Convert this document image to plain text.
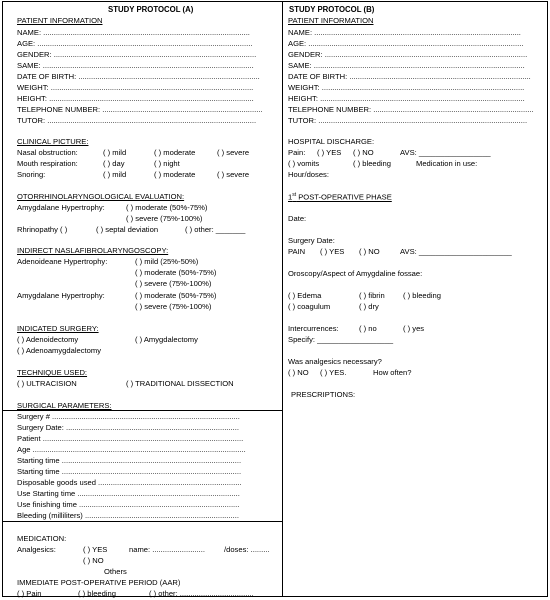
STUDY PROTOCOL (A)
PATIENT INFORMATION
NAME: ..................................................................................................
AGE: ......................................................................................................
GENDER: ................................................................................................
SAME: ....................................................................................................
DATE OF BIRTH: ......................................................................................
WEIGHT: ................................................................................................
HEIGHT: .................................................................................................
TELEPHONE NUMBER: ............................................................................
TUTOR: ...................................................................................................
CLINICAL PICTURE:
Nasal obstruction:	( ) mild	( ) moderate	( ) severe
Mouth respiration:	( ) day	( ) night
Snoring:	( ) mild	( ) moderate	( ) severe
OTORRHINOLARYNGOLOGICAL EVALUATION:
Amygdalane Hypertrophy:	( ) moderate (50%-75%)
( ) severe (75%-100%)
Rhrinopathy ( )	( ) septal deviation	( ) other: _______
INDIRECT NASLAFIBROLARYNGOSCOPY:
Adenoideane Hypertrophy:	( ) mild (25%-50%)
( ) moderate (50%-75%)
( ) severe (75%-100%)
Amygdalane Hypertrophy:	( ) moderate (50%-75%)
( ) severe (75%-100%)
INDICATED SURGERY:
( ) Adenoidectomy	( ) Amygdalectomy
( ) Adenoamygdalectomy
TECHNIQUE USED:
( ) ULTRACISION	( ) TRADITIONAL DISSECTION
SURGICAL PARAMETERS:
Surgery # .........................................................................................
Surgery Date: ..................................................................................
Patient ...............................................................................................
Age .....................................................................................................
Starting time .....................................................................................
Starting time .....................................................................................
Disposable goods used ....................................................................
Use Starting time .............................................................................
Use finishing time ............................................................................
Bleeding (milliliters) .........................................................................
MEDICATION:
Analgesics:	( ) YES	name: .........................	/doses: .........
( ) NO
Others
IMMEDIATE POST-OPERATIVE PERIOD (AAR)
( ) Pain	( ) bleeding	( ) other: ...................................
STUDY PROTOCOL (B)
PATIENT INFORMATION
NAME: ..................................................................................................
AGE: ......................................................................................................
GENDER: ................................................................................................
SAME: ....................................................................................................
DATE OF BIRTH: ......................................................................................
WEIGHT: ................................................................................................
HEIGHT: .................................................................................................
TELEPHONE NUMBER: ............................................................................
TUTOR: ...................................................................................................
HOSPITAL DISCHARGE:
Pain: ( ) YES ( ) NO	AVS: _________________
( ) vomits	( ) bleeding	Medication in use:
Hour/doses:
1st POST-OPERATIVE PHASE
Date:
Surgery Date:
PAIN ( ) YES ( ) NO	AVS: ______________________
Oroscopy/Aspect of Amygdaline fossae:
( ) Edema	( ) fibrin ( ) bleeding
( ) coagulum	( ) dry
Intercurrences:	( ) no	( ) yes
Specify: __________________
Was analgesics necessary?
( ) NO ( ) YES.	How often?
PRESCRIPTIONS:
